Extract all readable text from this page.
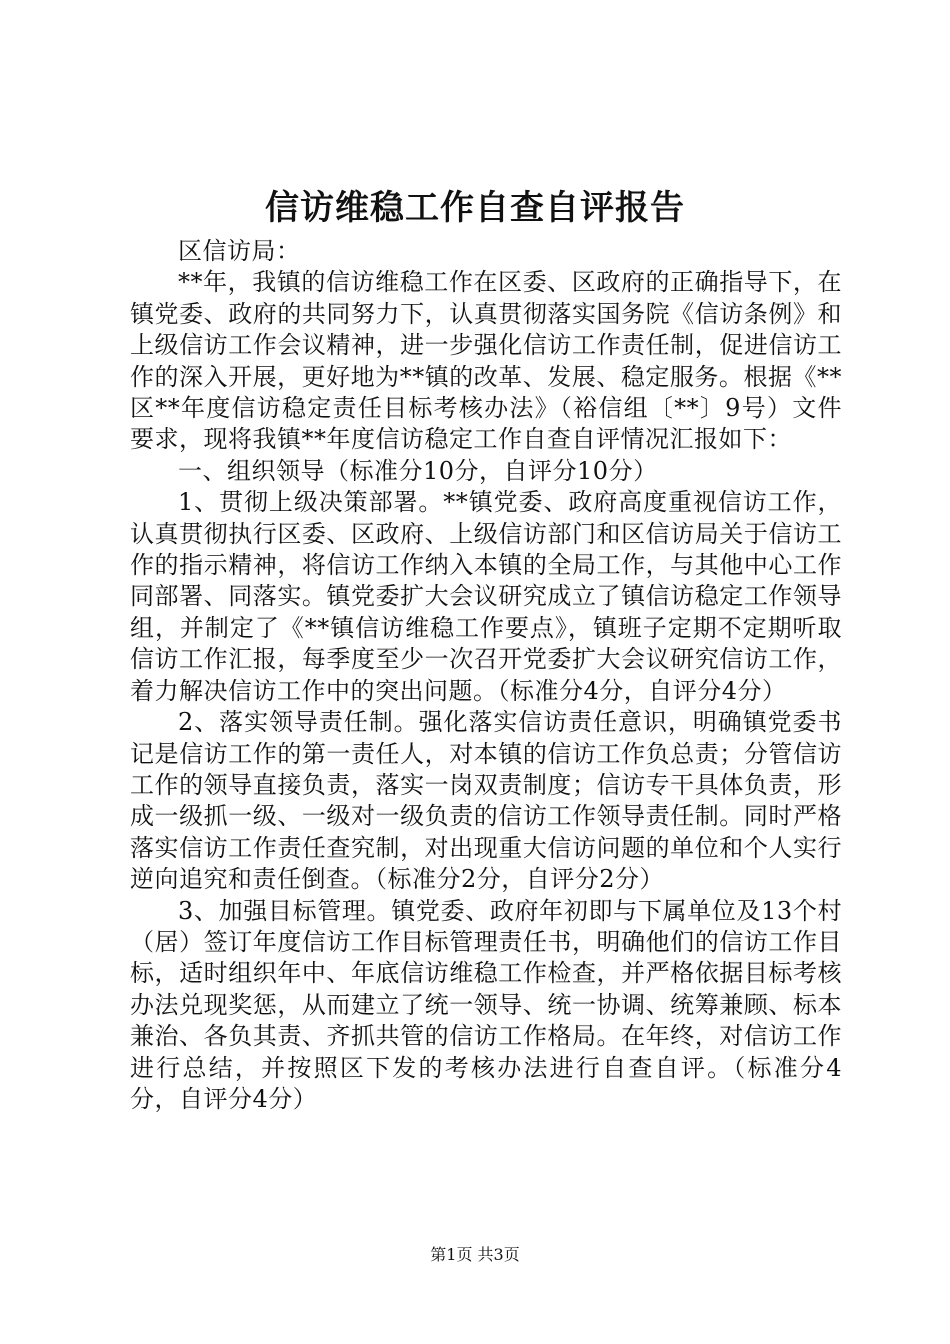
信访维稳工作自查自评报告

区信访局：

**年，我镇的信访维稳工作在区委、区政府的正确指导下，在镇党委、政府的共同努力下，认真贯彻落实国务院《信访条例》和上级信访工作会议精神，进一步强化信访工作责任制，促进信访工作的深入开展，更好地为**镇的改革、发展、稳定服务。根据《**区**年度信访稳定责任目标考核办法》（裕信组〔**〕9号）文件要求，现将我镇**年度信访稳定工作自查自评情况汇报如下：

一、组织领导（标准分10分，自评分10分）

1、贯彻上级决策部署。**镇党委、政府高度重视信访工作，认真贯彻执行区委、区政府、上级信访部门和区信访局关于信访工作的指示精神，将信访工作纳入本镇的全局工作，与其他中心工作同部署、同落实。镇党委扩大会议研究成立了镇信访稳定工作领导组，并制定了《**镇信访维稳工作要点》，镇班子定期不定期听取信访工作汇报，每季度至少一次召开党委扩大会议研究信访工作，着力解决信访工作中的突出问题。（标准分4分，自评分4分）

2、落实领导责任制。强化落实信访责任意识，明确镇党委书记是信访工作的第一责任人，对本镇的信访工作负总责；分管信访工作的领导直接负责，落实一岗双责制度；信访专干具体负责，形成一级抓一级、一级对一级负责的信访工作领导责任制。同时严格落实信访工作责任查究制，对出现重大信访问题的单位和个人实行逆向追究和责任倒查。（标准分2分，自评分2分）

3、加强目标管理。镇党委、政府年初即与下属单位及13个村（居）签订年度信访工作目标管理责任书，明确他们的信访工作目标，适时组织年中、年底信访维稳工作检查，并严格依据目标考核办法兑现奖惩，从而建立了统一领导、统一协调、统筹兼顾、标本兼治、各负其责、齐抓共管的信访工作格局。在年终，对信访工作进行总结，并按照区下发的考核办法进行自查自评。（标准分4分，自评分4分）

第1页 共3页
